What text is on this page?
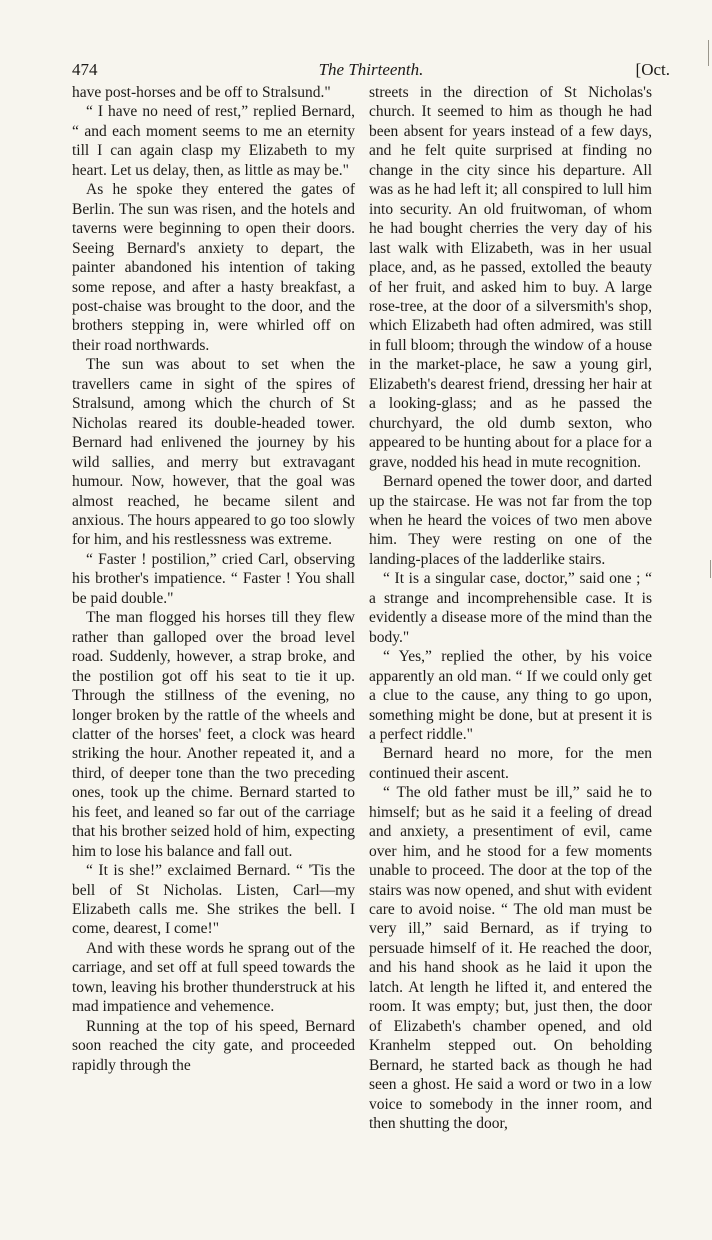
474	The Thirteenth.	[Oct.

have post-horses and be off to Stralsund."

“ I have no need of rest,” replied Bernard, “ and each moment seems to me an eternity till I can again clasp my Elizabeth to my heart. Let us delay, then, as little as may be."

As he spoke they entered the gates of Berlin. The sun was risen, and the hotels and taverns were beginning to open their doors. Seeing Bernard's anxiety to depart, the painter abandoned his intention of taking some repose, and after a hasty breakfast, a post-chaise was brought to the door, and the brothers stepping in, were whirled off on their road northwards.

The sun was about to set when the travellers came in sight of the spires of Stralsund, among which the church of St Nicholas reared its double-headed tower. Bernard had enlivened the journey by his wild sallies, and merry but extravagant humour. Now, however, that the goal was almost reached, he became silent and anxious. The hours appeared to go too slowly for him, and his restlessness was extreme.

“ Faster ! postilion,” cried Carl, observing his brother's impatience. “ Faster ! You shall be paid double."

The man flogged his horses till they flew rather than galloped over the broad level road. Suddenly, however, a strap broke, and the postilion got off his seat to tie it up. Through the stillness of the evening, no longer broken by the rattle of the wheels and clatter of the horses' feet, a clock was heard striking the hour. Another repeated it, and a third, of deeper tone than the two preceding ones, took up the chime. Bernard started to his feet, and leaned so far out of the carriage that his brother seized hold of him, expecting him to lose his balance and fall out.

“ It is she!” exclaimed Bernard. “ 'Tis the bell of St Nicholas. Listen, Carl—my Elizabeth calls me. She strikes the bell. I come, dearest, I come!"

And with these words he sprang out of the carriage, and set off at full speed towards the town, leaving his brother thunderstruck at his mad impatience and vehemence.

Running at the top of his speed, Bernard soon reached the city gate, and proceeded rapidly through the

streets in the direction of St Nicholas's church. It seemed to him as though he had been absent for years instead of a few days, and he felt quite surprised at finding no change in the city since his departure. All was as he had left it; all conspired to lull him into security. An old fruitwoman, of whom he had bought cherries the very day of his last walk with Elizabeth, was in her usual place, and, as he passed, extolled the beauty of her fruit, and asked him to buy. A large rose-tree, at the door of a silversmith's shop, which Elizabeth had often admired, was still in full bloom; through the window of a house in the market-place, he saw a young girl, Elizabeth's dearest friend, dressing her hair at a looking-glass; and as he passed the churchyard, the old dumb sexton, who appeared to be hunting about for a place for a grave, nodded his head in mute recognition.

Bernard opened the tower door, and darted up the staircase. He was not far from the top when he heard the voices of two men above him. They were resting on one of the landing-places of the ladderlike stairs.

“ It is a singular case, doctor,” said one ; “ a strange and incomprehensible case. It is evidently a disease more of the mind than the body."

“ Yes,” replied the other, by his voice apparently an old man. “ If we could only get a clue to the cause, any thing to go upon, something might be done, but at present it is a perfect riddle."

Bernard heard no more, for the men continued their ascent.

“ The old father must be ill,” said he to himself; but as he said it a feeling of dread and anxiety, a presentiment of evil, came over him, and he stood for a few moments unable to proceed. The door at the top of the stairs was now opened, and shut with evident care to avoid noise. “ The old man must be very ill,” said Bernard, as if trying to persuade himself of it. He reached the door, and his hand shook as he laid it upon the latch. At length he lifted it, and entered the room. It was empty; but, just then, the door of Elizabeth's chamber opened, and old Kranhelm stepped out. On beholding Bernard, he started back as though he had seen a ghost. He said a word or two in a low voice to somebody in the inner room, and then shutting the door,
